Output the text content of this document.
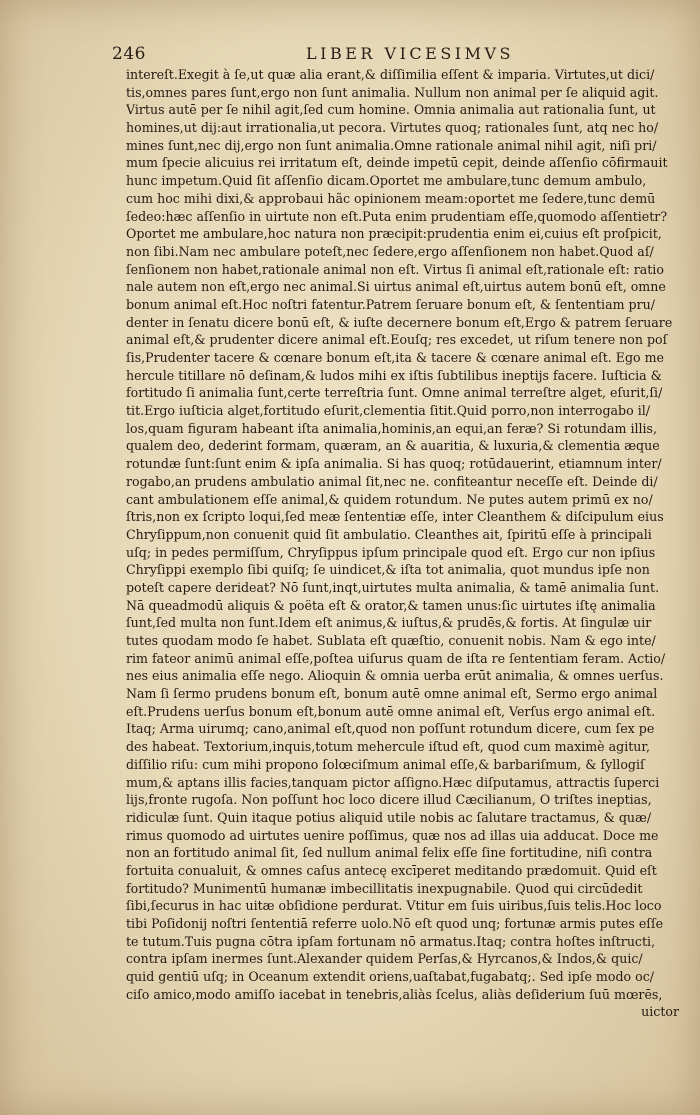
246	LIBER VICESIMVS
intereſt.Exegit à ſe,ut quæ alia erant,& diſſimilia eſſent & imparia. Virtutes,ut dici/
tis,omnes pares ſunt,ergo non ſunt animalia. Nullum non animal per ſe aliquid agit.
Virtus autē per ſe nihil agit,ſed cum homine. Omnia animalia aut rationalia ſunt, ut
homines,ut dij:aut irrationalia,ut pecora. Virtutes quoq; rationales ſunt, atq nec ho/
mines ſunt,nec dij,ergo non ſunt animalia.Omne rationale animal nihil agit, niſi pri/
mum ſpecie alicuius rei irritatum eſt, deinde impetū cepit, deinde aſſenſio cōfirmauit
hunc impetum.Quid ſit aſſenſio dicam.Oportet me ambulare,tunc demum ambulo,
cum hoc mihi dixi,& approbaui hãc opinionem meam:oportet me ſedere,tunc demū
ſedeo:hæc aſſenſio in uirtute non eſt.Puta enim prudentiam eſſe,quomodo aſſentietr?
Oportet me ambulare,hoc natura non præcipit:prudentia enim ei,cuius eſt proſpicit,
non ſibi.Nam nec ambulare poteſt,nec ſedere,ergo aſſenſionem non habet.Quod aſ/
ſenſionem non habet,rationale animal non eſt. Virtus ſi animal eſt,rationale eſt: ratio
nale autem non eſt,ergo nec animal.Si uirtus animal eſt,uirtus autem bonū eſt, omne
bonum animal eſt.Hoc noſtri fatentur.Patrem ſeruare bonum eſt, & ſententiam pru/
denter in ſenatu dicere bonū eſt, & iuſte decernere bonum eſt,Ergo & patrem ſeruare
animal eſt,& prudenter dicere animal eſt.Eouſq; res excedet, ut riſum tenere non poſ
ſis,Prudenter tacere & cœnare bonum eſt,ita & tacere & cœnare animal eſt. Ego me
hercule titillare nō deſinam,& ludos mihi ex iſtis ſubtilibus ineptijs facere. Iuſticia &
fortitudo ſi animalia ſunt,certe terreſtria ſunt. Omne animal terreſtre alget, eſurit,ſi/
tit.Ergo iuſticia alget,fortitudo eſurit,clementia ſitit.Quid porro,non interrogabo il/
los,quam figuram habeant iſta animalia,hominis,an equi,an feræ? Si rotundam illis,
qualem deo, dederint formam, quæram, an & auaritia, & luxuria,& clementia æque
rotundæ ſunt:ſunt enim & ipſa animalia. Si has quoq; rotūdauerint, etiamnum inter/
rogabo,an prudens ambulatio animal ſit,nec ne. confiteantur neceſſe eſt. Deinde di/
cant ambulationem eſſe animal,& quidem rotundum. Ne putes autem primū ex no/
ſtris,non ex ſcripto loqui,ſed meæ ſententiæ eſſe, inter Cleanthem & diſcipulum eius
Chryſippum,non conuenit quid ſit ambulatio. Cleanthes ait, ſpiritū eſſe à principali
uſq; in pedes permiſſum, Chryſippus ipſum principale quod eſt. Ergo cur non ipſius
Chryſippi exemplo ſibi quiſq; ſe uindicet,& iſta tot animalia, quot mundus ipſe non
poteſt capere derideat? Nō ſunt,inqt,uirtutes multa animalia, & tamē animalia ſunt.
Nā queadmodū aliquis & poëta eſt & orator,& tamen unus:ſic uirtutes iſtę animalia
ſunt,ſed multa non ſunt.Idem eſt animus,& iuſtus,& prudēs,& fortis. At ſingulæ uir
tutes quodam modo ſe habet. Sublata eſt quæſtio, conuenit nobis. Nam & ego inte/
rim fateor animū animal eſſe,poſtea uiſurus quam de iſta re ſententiam feram. Actio/
nes eius animalia eſſe nego. Alioquin & omnia uerba erūt animalia, & omnes uerſus.
Nam ſi ſermo prudens bonum eſt, bonum autē omne animal eſt, Sermo ergo animal
eſt.Prudens uerſus bonum eſt,bonum autē omne animal eſt, Verſus ergo animal eſt.
Itaq; Arma uirumq; cano,animal eſt,quod non poſſunt rotundum dicere, cum ſex pe
des habeat. Textorium,inquis,totum mehercule iſtud eſt, quod cum maximè agitur,
diſſilio riſu: cum mihi propono ſolœciſmum animal eſſe,& barbariſmum, & ſyllogiſ
mum,& aptans illis facies,tanquam pictor aſſigno.Hæc diſputamus, attractis ſuperci
lijs,fronte rugoſa. Non poſſunt hoc loco dicere illud Cæcilianum, O triſtes ineptias,
ridiculæ ſunt. Quin itaque potius aliquid utile nobis ac ſalutare tractamus, & quæ/
rimus quomodo ad uirtutes uenire poſſimus, quæ nos ad illas uia adducat. Doce me
non an fortitudo animal ſit, ſed nullum animal felix eſſe ſine fortitudine, niſi contra
fortuita conualuit, & omnes caſus antecę excīperet meditando prædomuit. Quid eſt
fortitudo? Munimentū humanæ imbecillitatis inexpugnabile. Quod qui circūdedit
ſibi,ſecurus in hac uitæ obſidione perdurat. Vtitur em ſuis uiribus,ſuis telis.Hoc loco
tibi Poſidonij noſtri ſententiā referre uolo.Nō eſt quod unq; fortunæ armis putes eſſe
te tutum.Tuis pugna cōtra ipſam fortunam nō armatus.Itaq; contra hoſtes inſtructi,
contra ipſam inermes ſunt.Alexander quidem Perſas,& Hyrcanos,& Indos,& quic/
quid gentiū uſq; in Oceanum extendit oriens,uaſtabat,fugabatq;. Sed ipſe modo oc/
ciſo amico,modo amiſſo iacebat in tenebris,aliàs ſcelus, aliàs deſiderium ſuū mœrēs,
uictor
